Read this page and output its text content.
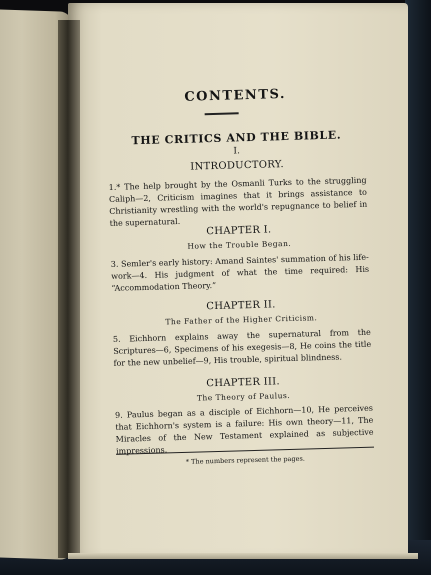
CONTENTS.
THE CRITICS AND THE BIBLE.
I.
INTRODUCTORY.
1.* The help brought by the Osmanli Turks to the struggling Caliph—2, Criticism imagines that it brings assistance to Christianity wrestling with the world's repugnance to belief in the supernatural.
CHAPTER I.
How the Trouble Began.
3. Semler's early history: Amand Saintes' summation of his life-work—4. His judgment of what the time required: His “Accommodation Theory.”
CHAPTER II.
The Father of the Higher Criticism.
5. Eichhorn explains away the supernatural from the Scriptures—6, Specimens of his exegesis—8, He coins the title for the new unbelief—9, His trouble, spiritual blindness.
CHAPTER III.
The Theory of Paulus.
9. Paulus began as a disciple of Eichhorn—10, He perceives that Eichhorn's system is a failure: His own theory—11, The Miracles of the New Testament explained as subjective impressions.
* The numbers represent the pages.
